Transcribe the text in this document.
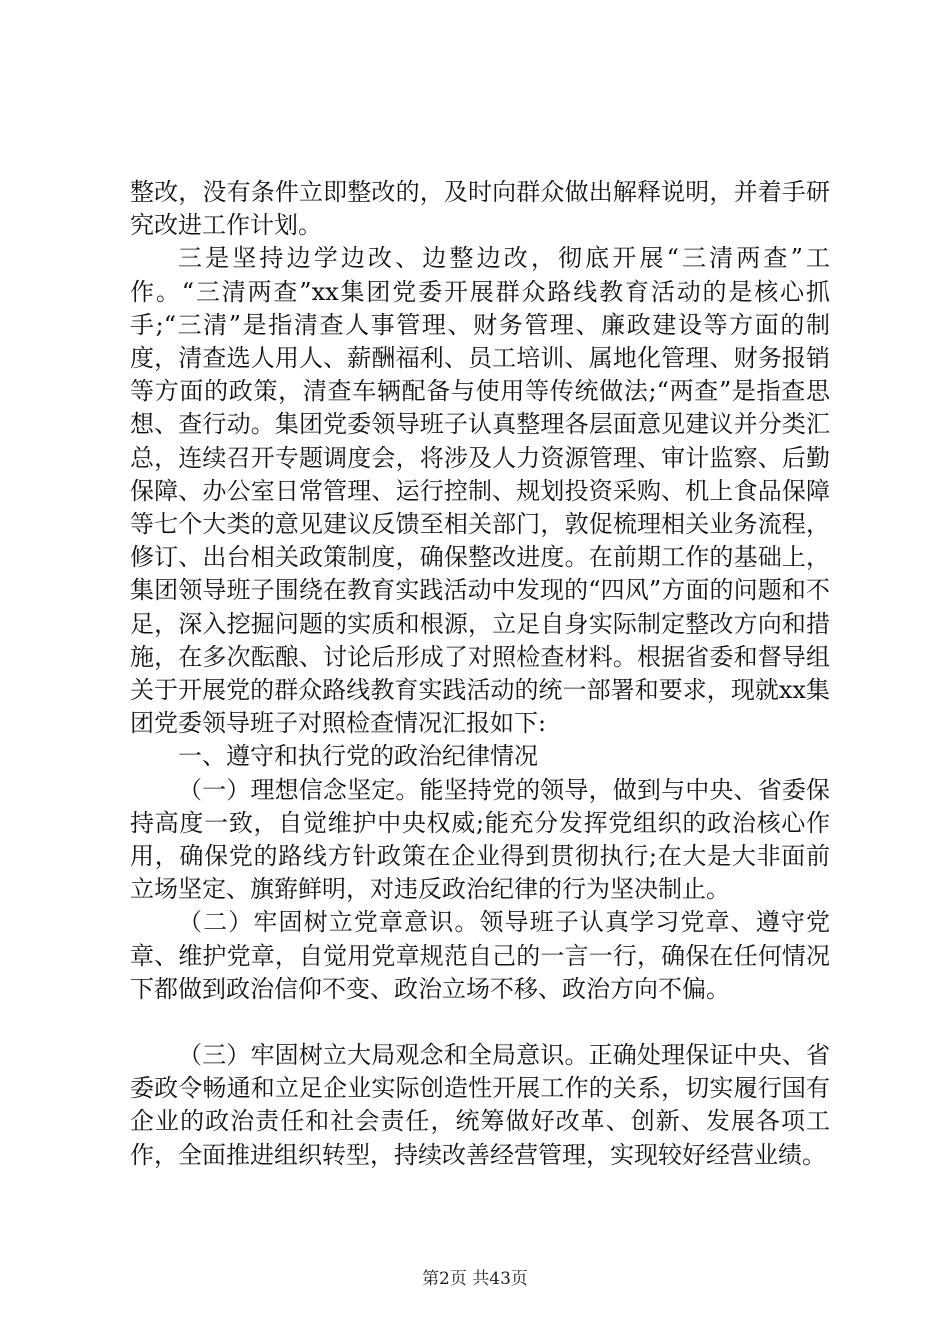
整改，没有条件立即整改的，及时向群众做出解释说明，并着手研究改进工作计划。

三是坚持边学边改、边整边改，彻底开展“三清两查”工作。“三清两查”xx集团党委开展群众路线教育活动的是核心抓手;“三清”是指清查人事管理、财务管理、廉政建设等方面的制度，清查选人用人、薪酬福利、员工培训、属地化管理、财务报销等方面的政策，清查车辆配备与使用等传统做法;“两查”是指查思想、查行动。集团党委领导班子认真整理各层面意见建议并分类汇总，连续召开专题调度会，将涉及人力资源管理、审计监察、后勤保障、办公室日常管理、运行控制、规划投资采购、机上食品保障等七个大类的意见建议反馈至相关部门，敦促梳理相关业务流程，修订、出台相关政策制度，确保整改进度。在前期工作的基础上，集团领导班子围绕在教育实践活动中发现的“四风”方面的问题和不足，深入挖掘问题的实质和根源，立足自身实际制定整改方向和措施，在多次酝酿、讨论后形成了对照检查材料。根据省委和督导组关于开展党的群众路线教育实践活动的统一部署和要求，现就xx集团党委领导班子对照检查情况汇报如下:

一、遵守和执行党的政治纪律情况

（一）理想信念坚定。能坚持党的领导，做到与中央、省委保持高度一致，自觉维护中央权威;能充分发挥党组织的政治核心作用，确保党的路线方针政策在企业得到贯彻执行;在大是大非面前立场坚定、旗臶鲜明，对违反政治纪律的行为坚决制止。

（二）牢固树立党章意识。领导班子认真学习党章、遵守党章、维护党章，自觉用党章规范自己的一言一行，确保在任何情况下都做到政治信仰不变、政治立场不移、政治方向不偏。

（三）牢固树立大局观念和全局意识。正确处理保证中央、省委政令畅通和立足企业实际创造性开展工作的关系，切实履行国有企业的政治责任和社会责任，统筹做好改革、创新、发展各项工作，全面推进组织转型，持续改善经营管理，实现较好经营业绩。

第2页 共43页
